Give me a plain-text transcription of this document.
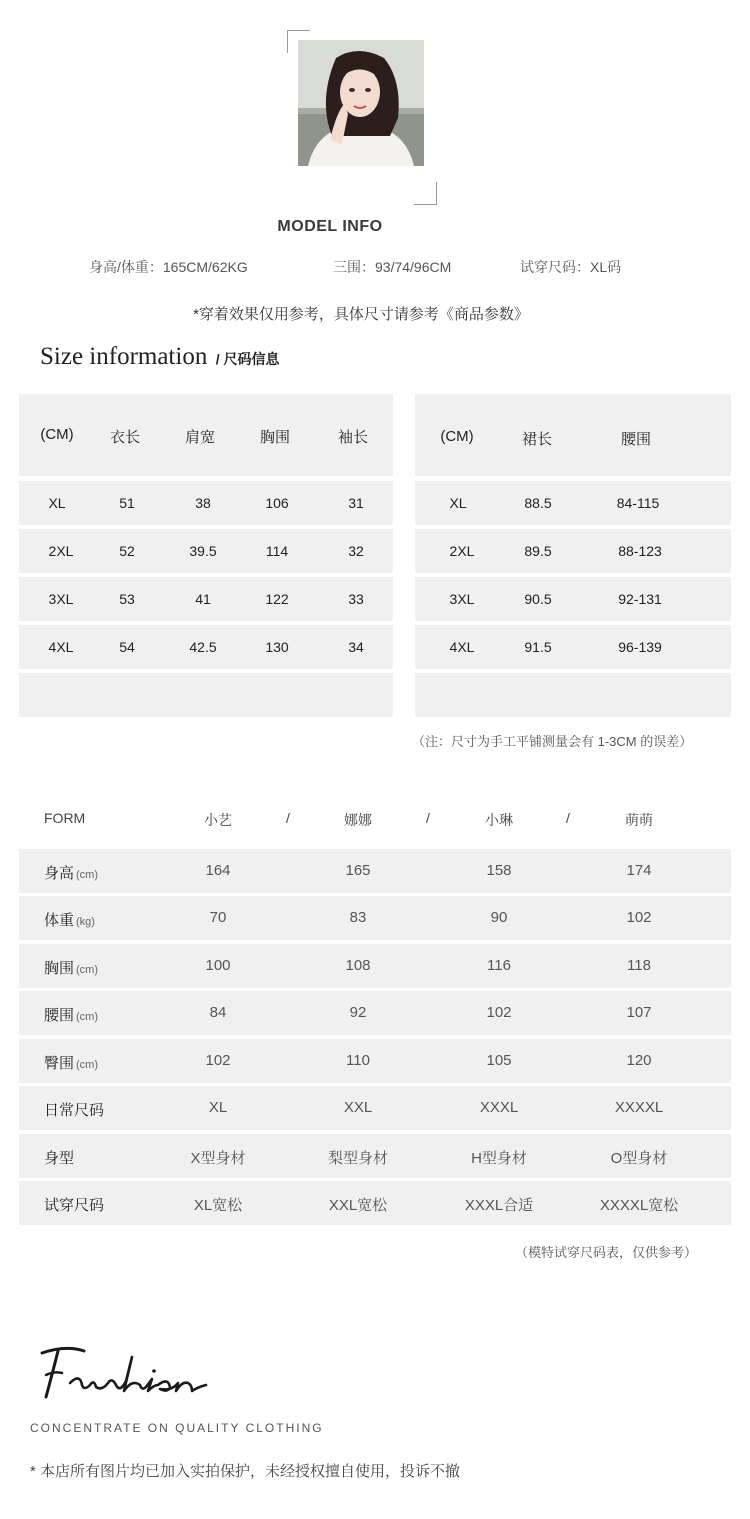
MODEL INFO
身高/体重：165CM/62KG	三围：93/74/96CM	试穿尺码：XL码
*穿着效果仅用参考，具体尺寸请参考《商品参数》
Size information / 尺码信息
(CM)	衣长	肩宽	胸围	袖长
XL	51	38	106	31
2XL	52	39.5	114	32
3XL	53	41	122	33
4XL	54	42.5	130	34
(CM)	裙长	腰围
XL	88.5	84-115
2XL	89.5	88-123
3XL	90.5	92-131
4XL	91.5	96-139
（注：尺寸为手工平铺测量会有 1-3CM 的误差）
FORM	小艺	/	娜娜	/	小琳	/	萌萌
身高 (cm)	164	165	158	174
体重 (kg)	70	83	90	102
胸围 (cm)	100	108	116	118
腰围 (cm)	84	92	102	107
臀围 (cm)	102	110	105	120
日常尺码	XL	XXL	XXXL	XXXXL
身型	X型身材	梨型身材	H型身材	O型身材
试穿尺码	XL宽松	XXL宽松	XXXL合适	XXXXL宽松
（模特试穿尺码表，仅供参考）
CONCENTRATE ON QUALITY CLOTHING
* 本店所有图片均已加入实拍保护，未经授权擅自使用，投诉不撤
